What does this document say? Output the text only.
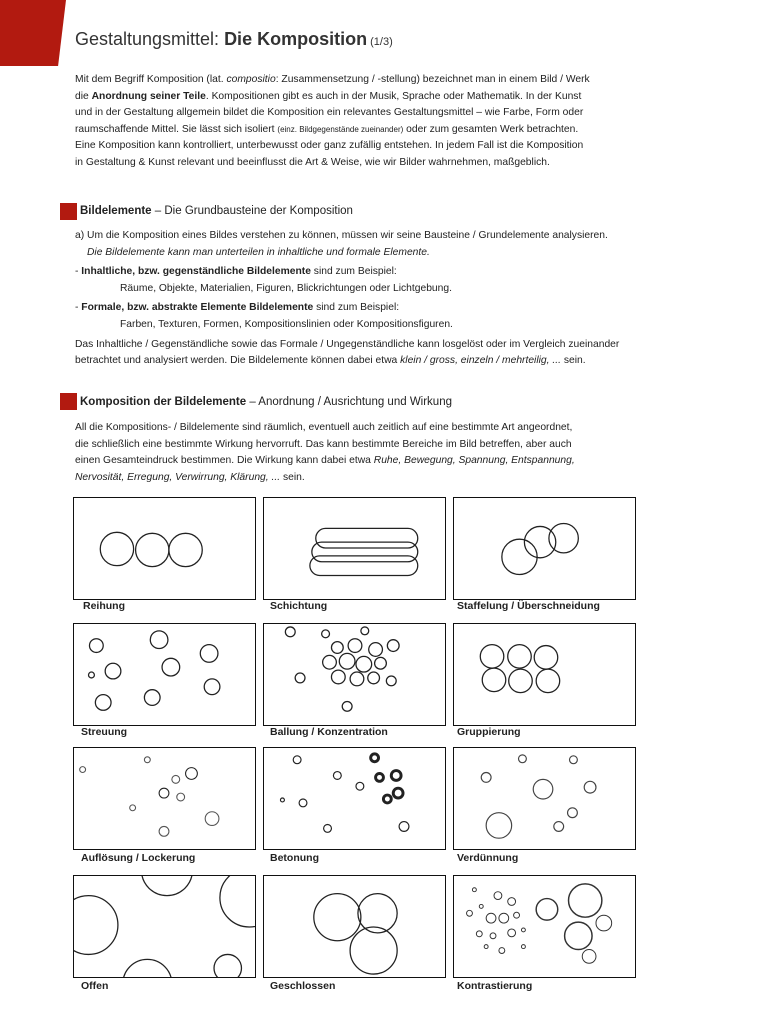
Gestaltungsmittel: Die Komposition (1/3)
Mit dem Begriff Komposition (lat. compositio: Zusammensetzung / -stellung) bezeichnet man in einem Bild / Werk
die Anordnung seiner Teile. Kompositionen gibt es auch in der Musik, Sprache oder Mathematik. In der Kunst
und in der Gestaltung allgemein bildet die Komposition ein relevantes Gestaltungsmittel – wie Farbe, Form oder
raumschaffende Mittel. Sie lässt sich isoliert (einz. Bildgegenstände zueinander) oder zum gesamten Werk betrachten.
Eine Komposition kann kontrolliert, unterbewusst oder ganz zufällig entstehen. In jedem Fall ist die Komposition
in Gestaltung & Kunst relevant und beeinflusst die Art & Weise, wie wir Bilder wahrnehmen, maßgeblich.
Bildelemente – Die Grundbausteine der Komposition
a) Um die Komposition eines Bildes verstehen zu können, müssen wir seine Bausteine / Grundelemente analysieren.
Die Bildelemente kann man unterteilen in inhaltliche und formale Elemente.
- Inhaltliche, bzw. gegenständliche Bildelemente sind zum Beispiel:
Räume, Objekte, Materialien, Figuren, Blickrichtungen oder Lichtgebung.
- Formale, bzw. abstrakte Elemente Bildelemente sind zum Beispiel:
Farben, Texturen, Formen, Kompositionslinien oder Kompositionsfiguren.
Das Inhaltliche / Gegenständliche sowie das Formale / Ungegenständliche kann losgelöst oder im Vergleich zueinander
betrachtet und analysiert werden. Die Bildelemente können dabei etwa klein / gross, einzeln / mehrteilig, ... sein.
Komposition der Bildelemente – Anordnung / Ausrichtung und Wirkung
All die Kompositions- / Bildelemente sind räumlich, eventuell auch zeitlich auf eine bestimmte Art angeordnet,
die schließlich eine bestimmte Wirkung hervorruft. Das kann bestimmte Bereiche im Bild betreffen, aber auch
einen Gesamteindruck bestimmen. Die Wirkung kann dabei etwa Ruhe, Bewegung, Spannung, Entspannung,
Nervosität, Erregung, Verwirrung, Klärung, ... sein.
Reihung	Schichtung	Staffelung / Überschneidung
Streuung	Ballung / Konzentration	Gruppierung
Auflösung / Lockerung	Betonung	Verdünnung
Offen	Geschlossen	Kontrastierung
